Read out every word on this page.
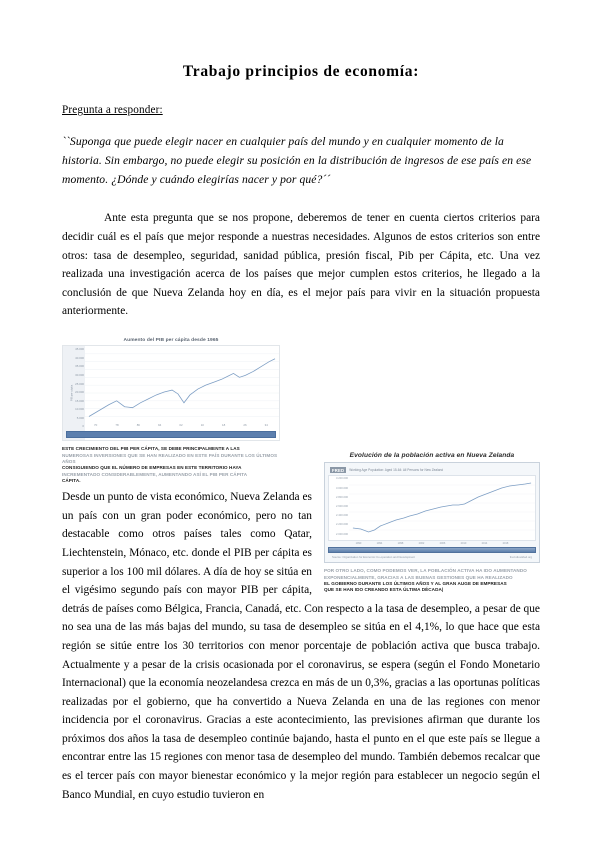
Trabajo principios de economía:
Pregunta a responder:
``Suponga que puede elegir nacer en cualquier país del mundo y en cualquier momento de la historia. Sin embargo, no puede elegir su posición en la distribución de ingresos de ese país en ese momento. ¿Dónde y cuándo elegirías nacer y por qué?´´

Ante esta pregunta que se nos propone, deberemos de tener en cuenta ciertos criterios para decidir cuál es el país que mejor responde a nuestras necesidades. Algunos de estos criterios son entre otros: tasa de desempleo, seguridad, sanidad pública, presión fiscal, Pib per Cápita, etc. Una vez realizada una investigación acerca de los países que mejor cumplen estos criterios, he llegado a la conclusión de que Nueva Zelanda hoy en día, es el mejor país para vivir en la situación propuesta anteriormente.

Aumento del PIB per cápita desde 1965
PIB per cápita
45.000
40.000
35.000
30.000
25.000
20.000
15.000
10.000
5.000
0	70	78	86	94	02	10	18	26	34
ESTE CRECIMIENTO DEL PIB PER CÁPITA, SE DEBE PRINCIPALMENTE A LAS
NUMEROSAS INVERSIONES QUE SE HAN REALIZADO EN ESTE PAÍS DURANTE LOS ÚLTIMOS AÑOS
CONSIGUIENDO QUE EL NÚMERO DE EMPRESAS EN ESTE TERRITORIO HAYA
INCREMENTADO CONSIDERABLEMENTE, AUMENTANDO ASÍ EL PIB PER CÁPITA
CÁPITA.
Evolución de la población activa en Nueva Zelanda
FRED	Working Age Population: Aged 15-64: All Persons for New Zealand
3.200.000
3.000.000
2.800.000
2.600.000
2.400.000
2.200.000
2.000.000
1990	1994	1998	2002	2006	2010	2014	2018
Source: Organization for Economic Co-operation and Development	fred.stlouisfed.org
POR OTRO LADO, COMO PODEMOS VER, LA POBLACIÓN ACTIVA HA IDO AUMENTANDO
EXPONENCIALMENTE, GRACIAS A LAS BUENAS GESTIONES QUE HA REALIZADO
EL GOBIERNO DURANTE LOS ÚLTIMOS AÑOS Y AL GRAN AUGE DE EMPRESAS
QUE SE HAN IDO CREANDO ESTA ÚLTIMA DÉCADA|
Desde un punto de vista económico, Nueva Zelanda es un país con un gran poder económico, pero no tan destacable como otros países tales como Qatar, Liechtenstein, Mónaco, etc. donde el PIB per cápita es superior a los 100 mil dólares. A día de hoy se sitúa en el vigésimo segundo país con mayor PIB per cápita, detrás de países como Bélgica, Francia, Canadá, etc. Con respecto a la tasa de desempleo, a pesar de que no sea una de las más bajas del mundo, su tasa de desempleo se sitúa en el 4,1%, lo que hace que esta región se sitúe entre los 30 territorios con menor porcentaje de población activa que busca trabajo. Actualmente y a pesar de la crisis ocasionada por el coronavirus, se espera (según el Fondo Monetario Internacional) que la economía neozelandesa crezca en más de un 0,3%, gracias a las oportunas políticas realizadas por el gobierno, que ha convertido a Nueva Zelanda en una de las regiones con menor incidencia por el coronavirus. Gracias a este acontecimiento, las previsiones afirman que durante los próximos dos años la tasa de desempleo continúe bajando, hasta el punto en el que este país se llegue a encontrar entre las 15 regiones con menor tasa de desempleo del mundo. También debemos recalcar que es el tercer país con mayor bienestar económico y la mejor región para establecer un negocio según el Banco Mundial, en cuyo estudio tuvieron en
